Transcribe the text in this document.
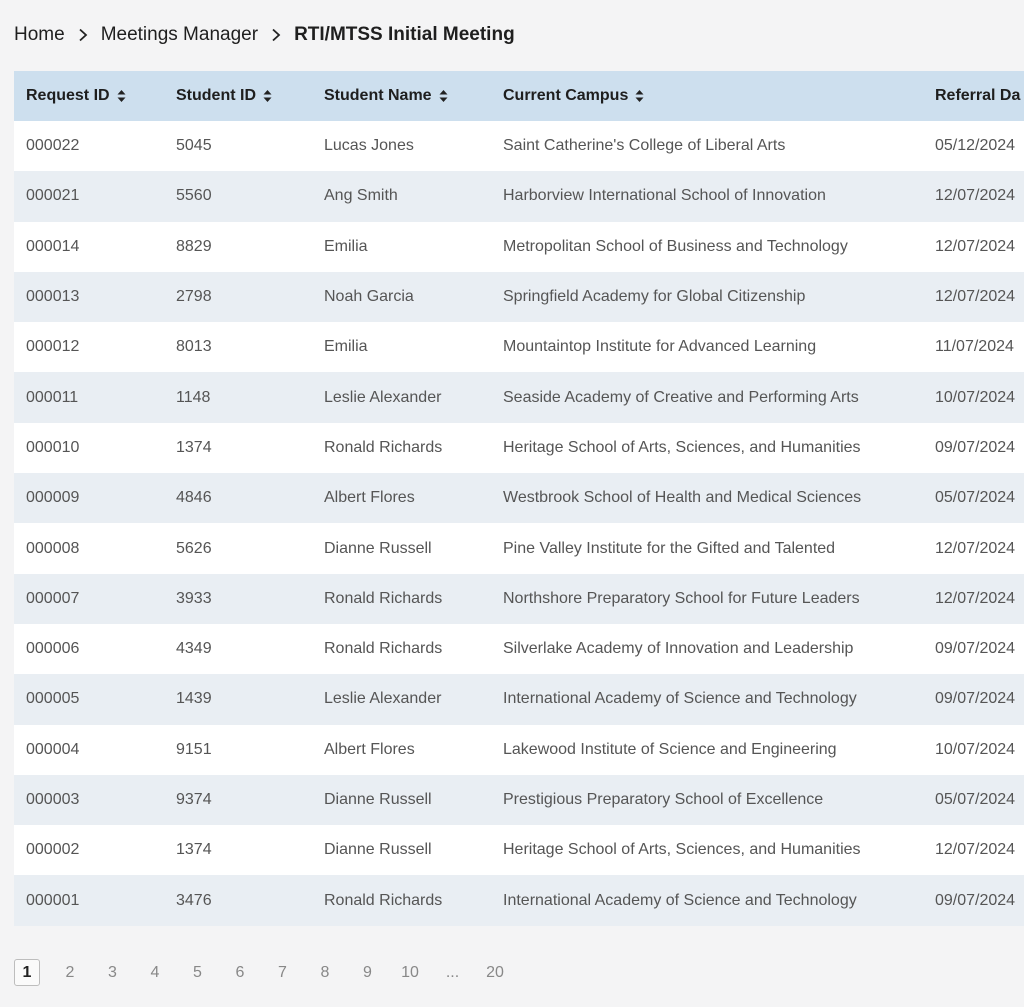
Home Meetings Manager RTI/MTSS Initial Meeting
Request ID	Student ID	Student Name	Current Campus	Referral Da
000022	5045	Lucas Jones	Saint Catherine's College of Liberal Arts	05/12/2024
000021	5560	Ang Smith	Harborview International School of Innovation	12/07/2024
000014	8829	Emilia	Metropolitan School of Business and Technology	12/07/2024
000013	2798	Noah Garcia	Springfield Academy for Global Citizenship	12/07/2024
000012	8013	Emilia	Mountaintop Institute for Advanced Learning	11/07/2024
000011	1148	Leslie Alexander	Seaside Academy of Creative and Performing Arts	10/07/2024
000010	1374	Ronald Richards	Heritage School of Arts, Sciences, and Humanities	09/07/2024
000009	4846	Albert Flores	Westbrook School of Health and Medical Sciences	05/07/2024
000008	5626	Dianne Russell	Pine Valley Institute for the Gifted and Talented	12/07/2024
000007	3933	Ronald Richards	Northshore Preparatory School for Future Leaders	12/07/2024
000006	4349	Ronald Richards	Silverlake Academy of Innovation and Leadership	09/07/2024
000005	1439	Leslie Alexander	International Academy of Science and Technology	09/07/2024
000004	9151	Albert Flores	Lakewood Institute of Science and Engineering	10/07/2024
000003	9374	Dianne Russell	Prestigious Preparatory School of Excellence	05/07/2024
000002	1374	Dianne Russell	Heritage School of Arts, Sciences, and Humanities	12/07/2024
000001	3476	Ronald Richards	International Academy of Science and Technology	09/07/2024
1	2	3	4	5	6	7	8	9	10	...	20
